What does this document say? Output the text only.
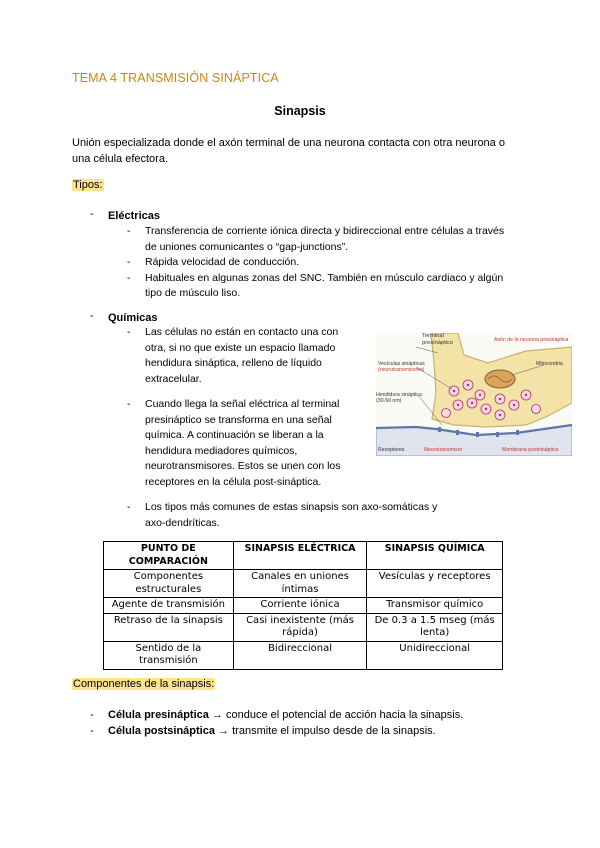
TEMA 4 TRANSMISIÓN SINÁPTICA
Sinapsis
Unión especializada donde el axón terminal de una neurona contacta con otra neurona o
una célula efectora.
Tipos:
- Eléctricas
- Transferencia de corriente iónica directa y bidireccional entre células a través
de uniones comunicantes o “gap-junctions”.
- Rápida velocidad de conducción.
- Habituales en algunas zonas del SNC. También en músculo cardiaco y algún
tipo de músculo liso.
- Químicas
- Las células no están en contacto una con
otra, si no que existe un espacio llamado
hendidura sináptica, relleno de líquido
extracelular.
- Cuando llega la señal eléctrica al terminal
presináptico se transforma en una señal
química. A continuación se liberan a la
hendidura mediadores químicos,
neurotransmisores. Estos se unen con los
receptores en la célula post-sináptica.
- Los tipos más comunes de estas sinapsis son axo-somáticas y
axo-dendríticas.
Terminal
presináptico	Axón de la neurona presináptica
Vesículas sinápticas
(neurotransmisores)
Mitocondria
Hendidura sináptica
(30-50 nm)
Receptores	Neurotransmisor	Membrana postsináptica
PUNTO DE COMPARACIÓN	SINAPSIS ELÉCTRICA	SINAPSIS QUÍMICA
Componentes estructurales	Canales en uniones íntimas	Vesículas y receptores
Agente de transmisión	Corriente iónica	Transmisor químico
Retraso de la sinapsis	Casi inexistente (más rápida)	De 0.3 a 1.5 mseg (más lenta)
Sentido de la transmisión	Bidireccional	Unidireccional
Componentes de la sinapsis:
- Célula presináptica → conduce el potencial de acción hacia la sinapsis.
- Célula postsináptica → transmite el impulso desde de la sinapsis.
